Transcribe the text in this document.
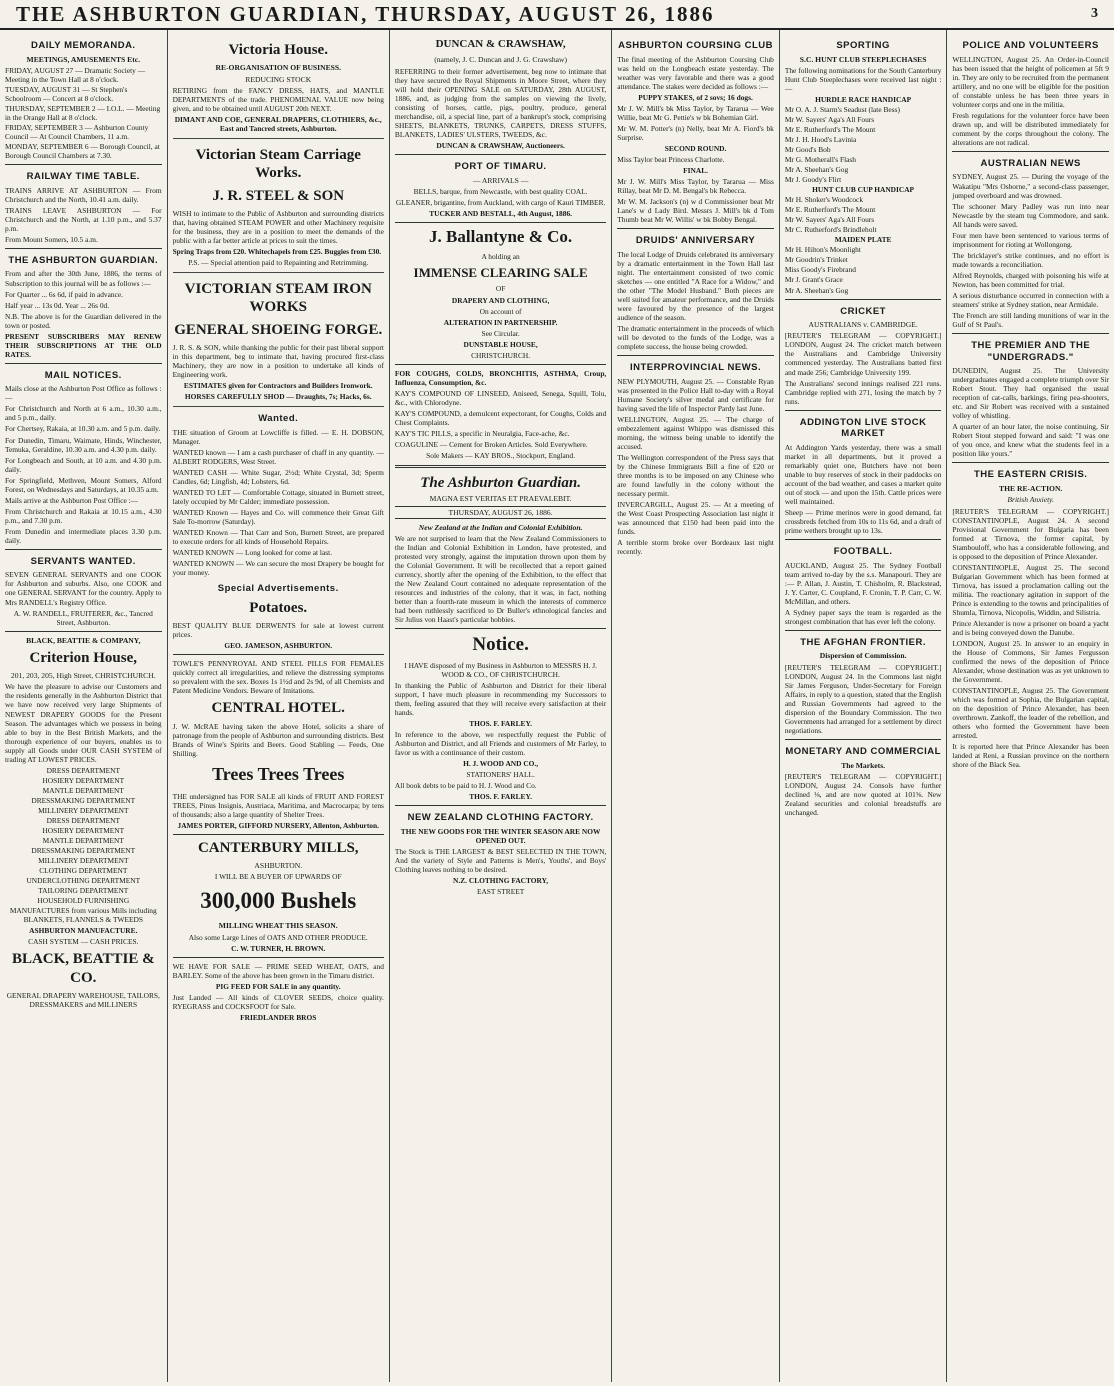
THE ASHBURTON GUARDIAN, THURSDAY, AUGUST 26, 1886	3
DAILY MEMORANDA.
MEETINGS, AMUSEMENTS Etc.
FRIDAY, AUGUST 27 — Dramatic Society — Meeting in the Town Hall at 8 o'clock.
TUESDAY, AUGUST 31 — St Stephen's Schoolroom — Concert at 8 o'clock.
THURSDAY, SEPTEMBER 2 — I.O.L. — Meeting in the Orange Hall at 8 o'clock.
FRIDAY, SEPTEMBER 3 — Ashburton County Council — At Council Chambers, 11 a.m.
MONDAY, SEPTEMBER 6 — Borough Council, at Borough Council Chambers at 7.30.
RAILWAY TIME TABLE.

TRAINS ARRIVE AT ASHBURTON — From Christchurch and the North, 10.41 a.m. daily.

TRAINS LEAVE ASHBURTON — For Christchurch and the North, at 1.10 p.m., and 5.37 p.m.

From Mount Somers, 10.5 a.m.

THE ASHBURTON GUARDIAN.

From and after the 30th June, 1886, the terms of Subscription to this journal will be as follows :—

For Quarter ... 6s 6d, if paid in advance.

Half year ... 13s 0d. Year ... 26s 0d.

N.B. The above is for the Guardian delivered in the town or posted.

PRESENT SUBSCRIBERS MAY RENEW THEIR SUBSCRIPTIONS AT THE OLD RATES.

MAIL NOTICES.

Mails close at the Ashburton Post Office as follows :—

For Christchurch and North at 6 a.m., 10.30 a.m., and 5 p.m., daily.

For Chertsey, Rakaia, at 10.30 a.m. and 5 p.m. daily.

For Dunedin, Timaru, Waimate, Hinds, Winchester, Temuka, Geraldine, 10.30 a.m. and 4.30 p.m. daily.

For Longbeach and South, at 10 a.m. and 4.30 p.m. daily.

For Springfield, Methven, Mount Somers, Alford Forest, on Wednesdays and Saturdays, at 10.35 a.m.

Mails arrive at the Ashburton Post Office :—

From Christchurch and Rakaia at 10.15 a.m., 4.30 p.m., and 7.30 p.m.

From Dunedin and intermediate places 3.30 p.m. daily.

SERVANTS WANTED.

SEVEN GENERAL SERVANTS and one COOK for Ashburton and suburbs. Also, one COOK and one GENERAL SERVANT for the country. Apply to Mrs RANDELL's Registry Office.

A. W. RANDELL, FRUITERER, &c., Tancred Street, Ashburton.

BLACK, BEATTIE & COMPANY,
Criterion House,
201, 203, 205, High Street, CHRISTCHURCH.

We have the pleasure to advise our Customers and the residents generally in the Ashburton District that we have now received very large Shipments of NEWEST DRAPERY GOODS for the Present Season. The advantages which we possess in being able to buy in the Best British Markets, and the thorough experience of our buyers, enables us to supply all Goods under OUR CASH SYSTEM of trading AT LOWEST PRICES.

DRESS DEPARTMENT
HOSIERY DEPARTMENT
MANTLE DEPARTMENT
DRESSMAKING DEPARTMENT
MILLINERY DEPARTMENT
DRESS DEPARTMENT
HOSIERY DEPARTMENT
MANTLE DEPARTMENT
DRESSMAKING DEPARTMENT
MILLINERY DEPARTMENT
CLOTHING DEPARTMENT
UNDERCLOTHING DEPARTMENT
TAILORING DEPARTMENT
HOUSEHOLD FURNISHING

MANUFACTURES from various Mills including BLANKETS, FLANNELS & TWEEDS

ASHBURTON MANUFACTURE.

CASH SYSTEM — CASH PRICES.

BLACK, BEATTIE & CO.

GENERAL DRAPERY WAREHOUSE, TAILORS, DRESSMAKERS and MILLINERS

Victoria House.
RE-ORGANISATION OF BUSINESS.
REDUCING STOCK

RETIRING from the FANCY DRESS, HATS, and MANTLE DEPARTMENTS of the trade. PHENOMENAL VALUE now being given, and to be obtained until AUGUST 20th NEXT.

DIMANT AND COE, GENERAL DRAPERS, CLOTHIERS, &c., East and Tancred streets, Ashburton.

Victorian Steam Carriage Works.
J. R. STEEL & SON

WISH to intimate to the Public of Ashburton and surrounding districts that, having obtained STEAM POWER and other Machinery requisite for the business, they are in a position to meet the demands of the public with a far better article at prices to suit the times.

Spring Traps from £20. Whitechapels from £25. Buggies from £30.

P.S. — Special attention paid to Repainting and Retrimming.

VICTORIAN STEAM IRON WORKS
GENERAL SHOEING FORGE.

J. R. S. & SON, while thanking the public for their past liberal support in this department, beg to intimate that, having procured first-class Machinery, they are now in a position to undertake all kinds of Engineering work.

ESTIMATES given for Contractors and Builders Ironwork.

HORSES CAREFULLY SHOD — Draughts, 7s; Hacks, 6s.

Wanted.

THE situation of Groom at Lowcliffe is filled. — E. H. DOBSON, Manager.

WANTED known — I am a cash purchaser of chaff in any quantity. — ALBERT RODGERS, West Street.

WANTED CASH — White Sugar, 2½d; White Crystal, 3d; Sperm Candles, 6d; Lingfish, 4d; Lobsters, 6d.

WANTED TO LET — Comfortable Cottage, situated in Burnett street, lately occupied by Mr Calder; immediate possession.

WANTED Known — Hayes and Co. will commence their Great Gift Sale To-morrow (Saturday).

WANTED Known — That Carr and Son, Burnett Street, are prepared to execute orders for all kinds of Household Repairs.

WANTED KNOWN — Long looked for come at last.

WANTED KNOWN — We can secure the most Drapery be bought for your money.

Special Advertisements.
Potatoes.

BEST QUALITY BLUE DERWENTS for sale at lowest current prices.

GEO. JAMESON, ASHBURTON.

TOWLE'S PENNYROYAL AND STEEL PILLS FOR FEMALES quickly correct all irregularities, and relieve the distressing symptoms so prevalent with the sex. Boxes 1s 1½d and 2s 9d, of all Chemists and Patent Medicine Vendors. Beware of Imitations.

CENTRAL HOTEL.

J. W. McRAE having taken the above Hotel, solicits a share of patronage from the people of Ashburton and surrounding districts. Best Brands of Wine's Spirits and Beers. Good Stabling — Feeds, One Shilling.

Trees Trees Trees

THE undersigned has FOR SALE all kinds of FRUIT AND FOREST TREES, Pinus Insignis, Austriaca, Maritima, and Macrocarpa; by tens of thousands; also a large quantity of Shelter Trees.

JAMES PORTER, GIFFORD NURSERY, Allenton, Ashburton.

CANTERBURY MILLS,
ASHBURTON.

I WILL BE A BUYER OF UPWARDS OF

300,000 Bushels
MILLING WHEAT THIS SEASON.

Also some Large Lines of OATS AND OTHER PRODUCE.

C. W. TURNER, H. BROWN.

WE HAVE FOR SALE — PRIME SEED WHEAT, OATS, and BARLEY. Some of the above has been grown in the Timaru district.

PIG FEED FOR SALE in any quantity.

Just Landed — All kinds of CLOVER SEEDS, choice quality. RYEGRASS and COCKSFOOT for Sale.

FRIEDLANDER BROS

DUNCAN & CRAWSHAW,
(namely, J. C. Duncan and J. G. Crawshaw)

REFERRING to their former advertisement, beg now to intimate that they have secured the Royal Shipments in Moore Street, where they will hold their OPENING SALE on SATURDAY, 28th AUGUST, 1886, and, as judging from the samples on viewing the lively, consisting of horses, cattle, pigs, poultry, produce, general merchandise, oil, a special line, part of a bankrupt's stock, comprising SHEETS, BLANKETS, TRUNKS, CARPETS, DRESS STUFFS, BLANKETS, LADIES' ULSTERS, TWEEDS, &c.

DUNCAN & CRAWSHAW, Auctioneers.

PORT OF TIMARU.
— ARRIVALS —

BELLS, barque, from Newcastle, with best quality COAL.

GLEANER, brigantine, from Auckland, with cargo of Kauri TIMBER.

TUCKER AND BESTALL, 4th August, 1886.

J. Ballantyne & Co.

A holding an

IMMENSE CLEARING SALE

OF

DRAPERY AND CLOTHING,

On account of

ALTERATION IN PARTNERSHIP.

See Circular.

DUNSTABLE HOUSE,

CHRISTCHURCH.

FOR COUGHS, COLDS, BRONCHITIS, ASTHMA, Croup, Influenza, Consumption, &c.

KAY'S COMPOUND OF LINSEED, Aniseed, Senega, Squill, Tolu, &c., with Chlorodyne.

KAY'S COMPOUND, a demulcent expectorant, for Coughs, Colds and Chest Complaints.

KAY'S TIC PILLS, a specific in Neuralgia, Face-ache, &c.

COAGULINE — Cement for Broken Articles. Sold Everywhere.

Sole Makers — KAY BROS., Stockport, England.

The Ashburton Guardian.
MAGNA EST VERITAS ET PRAEVALEBIT.
THURSDAY, AUGUST 26, 1886.
New Zealand at the Indian and Colonial Exhibition.

We are not surprised to learn that the New Zealand Commissioners to the Indian and Colonial Exhibition in London, have protested, and protested very strongly, against the imputation thrown upon them by the Colonial Government. It will be recollected that a report gained currency, shortly after the opening of the Exhibition, to the effect that the New Zealand Court contained no adequate representation of the resources and industries of the colony, that it was, in fact, nothing better than a fourth-rate museum in which the interests of commerce had been ruthlessly sacrificed to Dr Buller's ethnological fancies and Sir Julius von Haast's particular hobbies.

Notice.

I HAVE disposed of my Business in Ashburton to MESSRS H. J. WOOD & CO., OF CHRISTCHURCH.

In thanking the Public of Ashburton and District for their liberal support, I have much pleasure in recommending my Successors to them, feeling assured that they will receive every satisfaction at their hands.

THOS. F. FARLEY.

In reference to the above, we respectfully request the Public of Ashburton and District, and all Friends and customers of Mr Farley, to favor us with a continuance of their custom.

H. J. WOOD AND CO.,

STATIONERS' HALL.

All book debts to be paid to H. J. Wood and Co.

THOS. F. FARLEY.

NEW ZEALAND CLOTHING FACTORY.

THE NEW GOODS FOR THE WINTER SEASON ARE NOW OPENED OUT.

The Stock is THE LARGEST & BEST SELECTED IN THE TOWN, And the variety of Style and Patterns is Men's, Youths', and Boys' Clothing leaves nothing to be desired.

N.Z. CLOTHING FACTORY,

EAST STREET

ASHBURTON COURSING CLUB

The final meeting of the Ashburton Coursing Club was held on the Longbeach estate yesterday. The weather was very favorable and there was a good attendance. The stakes were decided as follows :—

PUPPY STAKES, of 2 sovs; 16 dogs.

Mr J. W. Mill's bk Miss Taylor, by Tararua — Wee Willie, beat Mr G. Pettie's w bk Bohemian Girl.

Mr W. M. Potter's (n) Nelly, beat Mr A. Fiord's bk Surprise.

SECOND ROUND.

Miss Taylor beat Princess Charlotte.

FINAL.

Mr J. W. Mill's Miss Taylor, by Tararua — Miss Rillay, beat Mr D. M. Bengal's bk Rebecca.

Mr W. M. Jackson's (n) w d Commissioner beat Mr Lane's w d Lady Bird. Messrs J. Mill's bk d Tom Thumb beat Mr W. Willis' w bk Bobby Bengal.

DRUIDS' ANNIVERSARY

The local Lodge of Druids celebrated its anniversary by a dramatic entertainment in the Town Hall last night. The entertainment consisted of two comic sketches — one entitled "A Race for a Widow," and the other "The Model Husband." Both pieces are well suited for amateur performance, and the Druids were favoured by the presence of the largest audience of the season.

The dramatic entertainment in the proceeds of which will be devoted to the funds of the Lodge, was a complete success, the house being crowded.

INTERPROVINCIAL NEWS.

NEW PLYMOUTH, August 25. — Constable Ryan was presented in the Police Hall to-day with a Royal Humane Society's silver medal and certificate for having saved the life of Inspector Pardy last June.

WELLINGTON, August 25. — The charge of embezzlement against Whippo was dismissed this morning, the witness being unable to identify the accused.

The Wellington correspondent of the Press says that by the Chinese Immigrants Bill a fine of £20 or three months is to be imposed on any Chinese who are found lawfully in the colony without the necessary permit.

INVERCARGILL, August 25. — At a meeting of the West Coast Prospecting Association last night it was announced that £150 had been paid into the funds.

A terrible storm broke over Bordeaux last night recently.

SPORTING
S.C. HUNT CLUB STEEPLECHASES

The following nominations for the South Canterbury Hunt Club Steeplechases were received last night :—

HURDLE RACE HANDICAP
Mr O. A. J. Starm's Seadust (late Bess)
Mr W. Sayers' Aga's All Fours
Mr E. Rutherford's The Mount
Mr J. H. Hood's Lavinia
Mr Good's Bob
Mr G. Motherall's Flash
Mr A. Sheehan's Gog
Mr J. Goody's Flirt
HUNT CLUB CUP HANDICAP
Mr H. Shoker's Woodcock
Mr E. Rutherford's The Mount
Mr W. Sayers' Aga's All Fours
Mr C. Rutherford's Brindleholt
MAIDEN PLATE
Mr H. Hilton's Moonlight
Mr Goodrin's Trinket
Miss Goody's Firebrand
Mr J. Grant's Grace
Mr A. Sheehan's Gog
CRICKET
AUSTRALIANS v. CAMBRIDGE.

[REUTER'S TELEGRAM — COPYRIGHT.] LONDON, August 24. The cricket match between the Australians and Cambridge University commenced yesterday. The Australians batted first and made 256; Cambridge University 199.

The Australians' second innings realised 221 runs. Cambridge replied with 271, losing the match by 7 runs.

ADDINGTON LIVE STOCK MARKET

At Addington Yards yesterday, there was a small market in all departments, but it proved a remarkably quiet one, Butchers have not been unable to buy reserves of stock in their paddocks on account of the bad weather, and cases a market quite out of stock — and upon the 15th. Cattle prices were well maintained.

Sheep — Prime merinos were in good demand, fat crossbreds fetched from 10s to 11s 6d, and a draft of prime wethers brought up to 13s.

FOOTBALL.

AUCKLAND, August 25. The Sydney Football team arrived to-day by the s.s. Manapouri. They are :— P. Allan, J. Austin, T. Chisholm, R. Blackstead, J. Y. Carter, C. Coupland, F. Cronin, T. P. Carr, C. W. McMillan, and others.

A Sydney paper says the team is regarded as the strongest combination that has ever left the colony.

THE AFGHAN FRONTIER.
Dispersion of Commission.

[REUTER'S TELEGRAM — COPYRIGHT.] LONDON, August 24. In the Commons last night Sir James Ferguson, Under-Secretary for Foreign Affairs, in reply to a question, stated that the English and Russian Governments had agreed to the dispersion of the Boundary Commission. The two Governments had arranged for a settlement by direct negotiations.

MONETARY AND COMMERCIAL
The Markets.

[REUTER'S TELEGRAM — COPYRIGHT.] LONDON, August 24. Consols have further declined ⅛, and are now quoted at 101⅝. New Zealand securities and colonial breadstuffs are unchanged.

POLICE AND VOLUNTEERS

WELLINGTON, August 25. An Order-in-Council has been issued that the height of policemen at 5ft 9 in. They are only to be recruited from the permanent artillery, and no one will be eligible for the position of constable unless he has been three years in volunteer corps and one in the militia.

Fresh regulations for the volunteer force have been drawn up, and will be distributed immediately for comment by the corps throughout the colony. The alterations are not radical.

AUSTRALIAN NEWS

SYDNEY, August 25. — During the voyage of the Wakatipu "Mrs Osborne," a second-class passenger, jumped overboard and was drowned.

The schooner Mary Padley was run into near Newcastle by the steam tug Commodore, and sank. All hands were saved.

Four men have been sentenced to various terms of imprisonment for rioting at Wollongong.

The bricklayer's strike continues, and no effort is made towards a reconciliation.

Alfred Reynolds, charged with poisoning his wife at Newton, has been committed for trial.

A serious disturbance occurred in connection with a steamers' strike at Sydney station, near Armidale.

The French are still landing munitions of war in the Gulf of St Paul's.

THE PREMIER AND THE "UNDERGRADS."

DUNEDIN, August 25. The University undergraduates engaged a complete triumph over Sir Robert Stout. They had organised the usual reception of cat-calls, barkings, firing pea-shooters, etc. and Sir Robert was received with a sustained volley of whistling.

A quarter of an hour later, the noise continuing, Sir Robert Stout stepped forward and said: "I was one of you once, and knew what the students feel in a position like yours."

THE EASTERN CRISIS.
THE RE-ACTION.
British Anxiety.

[REUTER'S TELEGRAM — COPYRIGHT.] CONSTANTINOPLE, August 24. A second Provisional Government for Bulgaria has been formed at Tirnova, the former capital, by Stambouloff, who has a considerable following, and is opposed to the deposition of Prince Alexander.

CONSTANTINOPLE, August 25. The second Bulgarian Government which has been formed at Tirnova, has issued a proclamation calling out the militia. The reactionary agitation in support of the Prince is extending to the towns and principalities of Shumla, Tirnova, Nicopolis, Widdin, and Silistria.

Prince Alexander is now a prisoner on board a yacht and is being conveyed down the Danube.

LONDON, August 25. In answer to an enquiry in the House of Commons, Sir James Fergusson confirmed the news of the deposition of Prince Alexander, whose destination was as yet unknown to the Government.

CONSTANTINOPLE, August 25. The Government which was formed at Sophia, the Bulgarian capital, on the deposition of Prince Alexander, has been overthrown. Zankoff, the leader of the rebellion, and others who formed the Government have been arrested.

It is reported here that Prince Alexander has been landed at Reni, a Russian province on the northern shore of the Black Sea.
